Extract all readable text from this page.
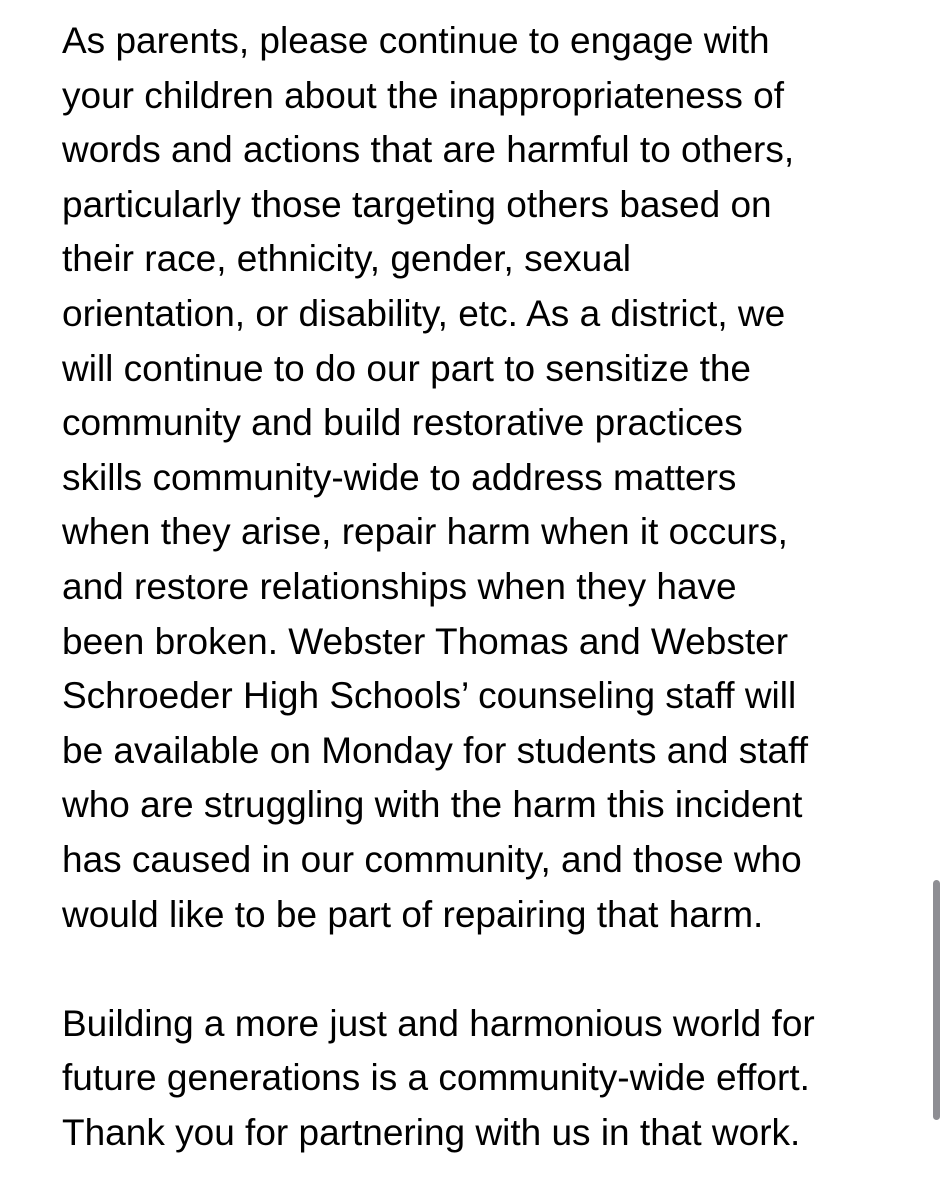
As parents, please continue to engage with
your children about the inappropriateness of
words and actions that are harmful to others,
particularly those targeting others based on
their race, ethnicity, gender, sexual
orientation, or disability, etc. As a district, we
will continue to do our part to sensitize the
community and build restorative practices
skills community-wide to address matters
when they arise, repair harm when it occurs,
and restore relationships when they have
been broken. Webster Thomas and Webster
Schroeder High Schools’ counseling staff will
be available on Monday for students and staff
who are struggling with the harm this incident
has caused in our community, and those who
would like to be part of repairing that harm.

Building a more just and harmonious world for
future generations is a community-wide effort.
Thank you for partnering with us in that work.
